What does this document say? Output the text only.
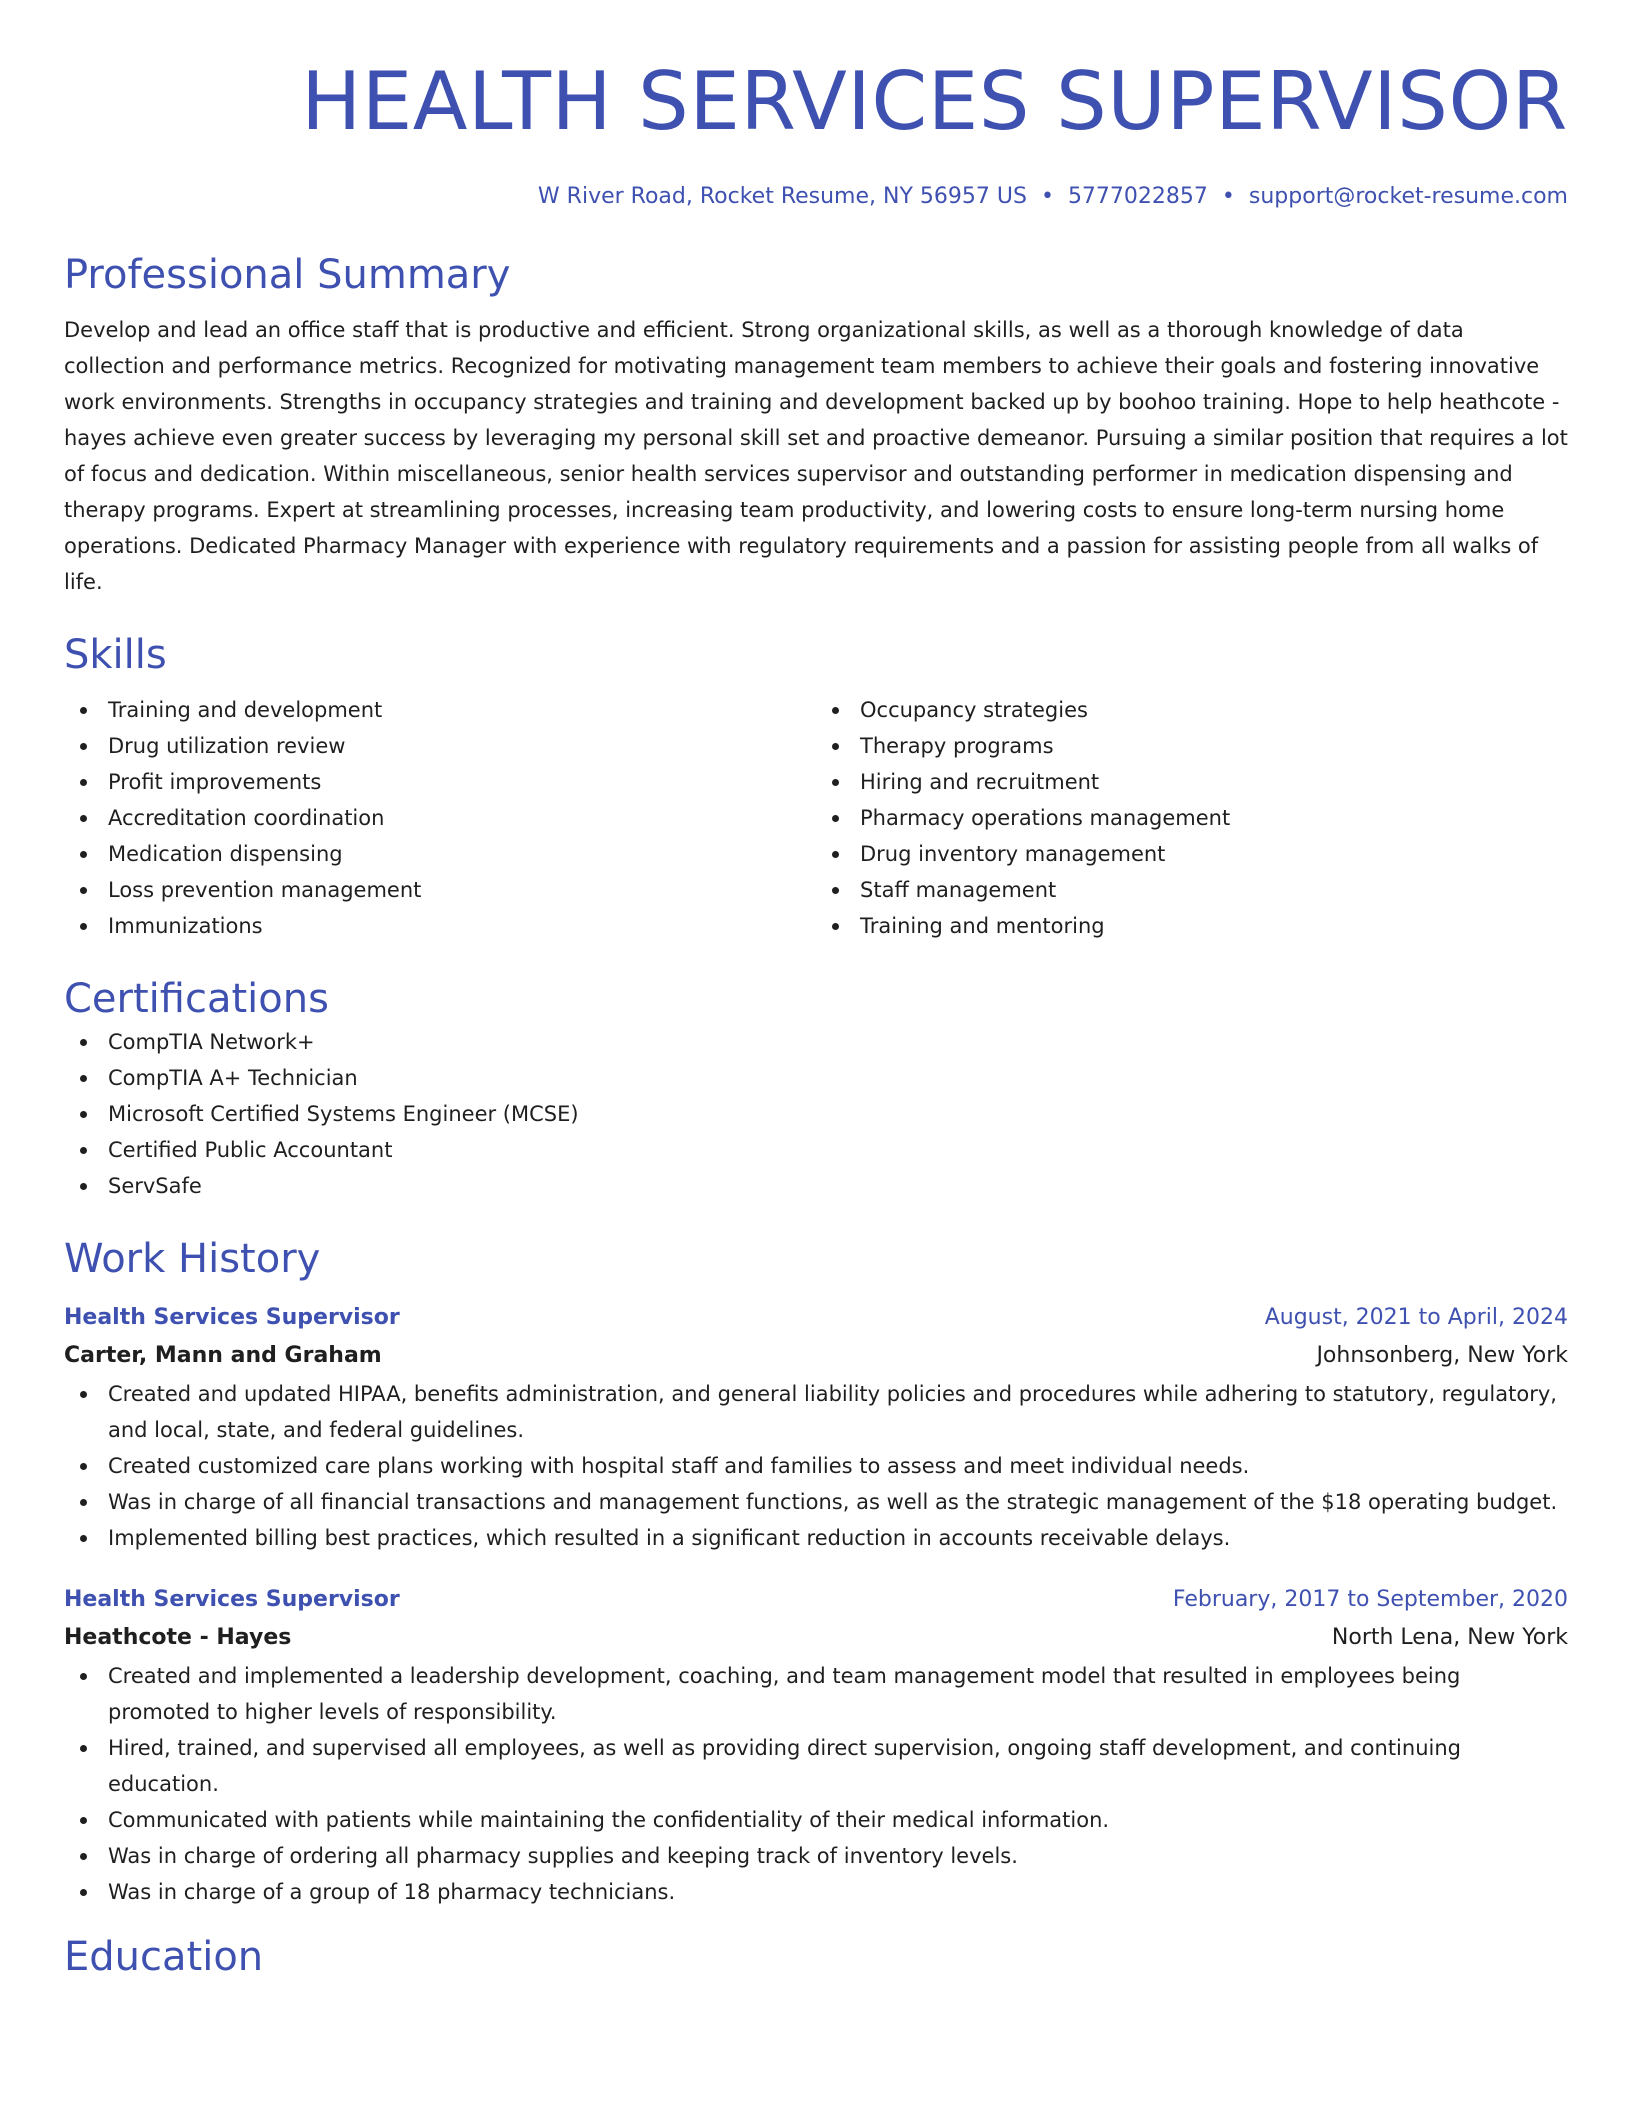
HEALTH SERVICES SUPERVISOR
W River Road, Rocket Resume, NY 56957 US • 5777022857 • support@rocket-resume.com
Professional Summary

Develop and lead an office staff that is productive and efficient. Strong organizational skills, as well as a thorough knowledge of data collection and performance metrics. Recognized for motivating management team members to achieve their goals and fostering innovative work environments. Strengths in occupancy strategies and training and development backed up by boohoo training. Hope to help heathcote - hayes achieve even greater success by leveraging my personal skill set and proactive demeanor. Pursuing a similar position that requires a lot of focus and dedication. Within miscellaneous, senior health services supervisor and outstanding performer in medication dispensing and therapy programs. Expert at streamlining processes, increasing team productivity, and lowering costs to ensure long-term nursing home operations. Dedicated Pharmacy Manager with experience with regulatory requirements and a passion for assisting people from all walks of life.

Skills
Training and development
Drug utilization review
Profit improvements
Accreditation coordination
Medication dispensing
Loss prevention management
Immunizations
Occupancy strategies
Therapy programs
Hiring and recruitment
Pharmacy operations management
Drug inventory management
Staff management
Training and mentoring
Certifications
CompTIA Network+
CompTIA A+ Technician
Microsoft Certified Systems Engineer (MCSE)
Certified Public Accountant
ServSafe
Work History
Health Services Supervisor	August, 2021 to April, 2024
Carter, Mann and Graham	Johnsonberg, New York
Created and updated HIPAA, benefits administration, and general liability policies and procedures while adhering to statutory, regulatory, and local, state, and federal guidelines.
Created customized care plans working with hospital staff and families to assess and meet individual needs.
Was in charge of all financial transactions and management functions, as well as the strategic management of the $18 operating budget.
Implemented billing best practices, which resulted in a significant reduction in accounts receivable delays.
Health Services Supervisor	February, 2017 to September, 2020
Heathcote - Hayes	North Lena, New York
Created and implemented a leadership development, coaching, and team management model that resulted in employees being promoted to higher levels of responsibility.
Hired, trained, and supervised all employees, as well as providing direct supervision, ongoing staff development, and continuing education.
Communicated with patients while maintaining the confidentiality of their medical information.
Was in charge of ordering all pharmacy supplies and keeping track of inventory levels.
Was in charge of a group of 18 pharmacy technicians.
Education
